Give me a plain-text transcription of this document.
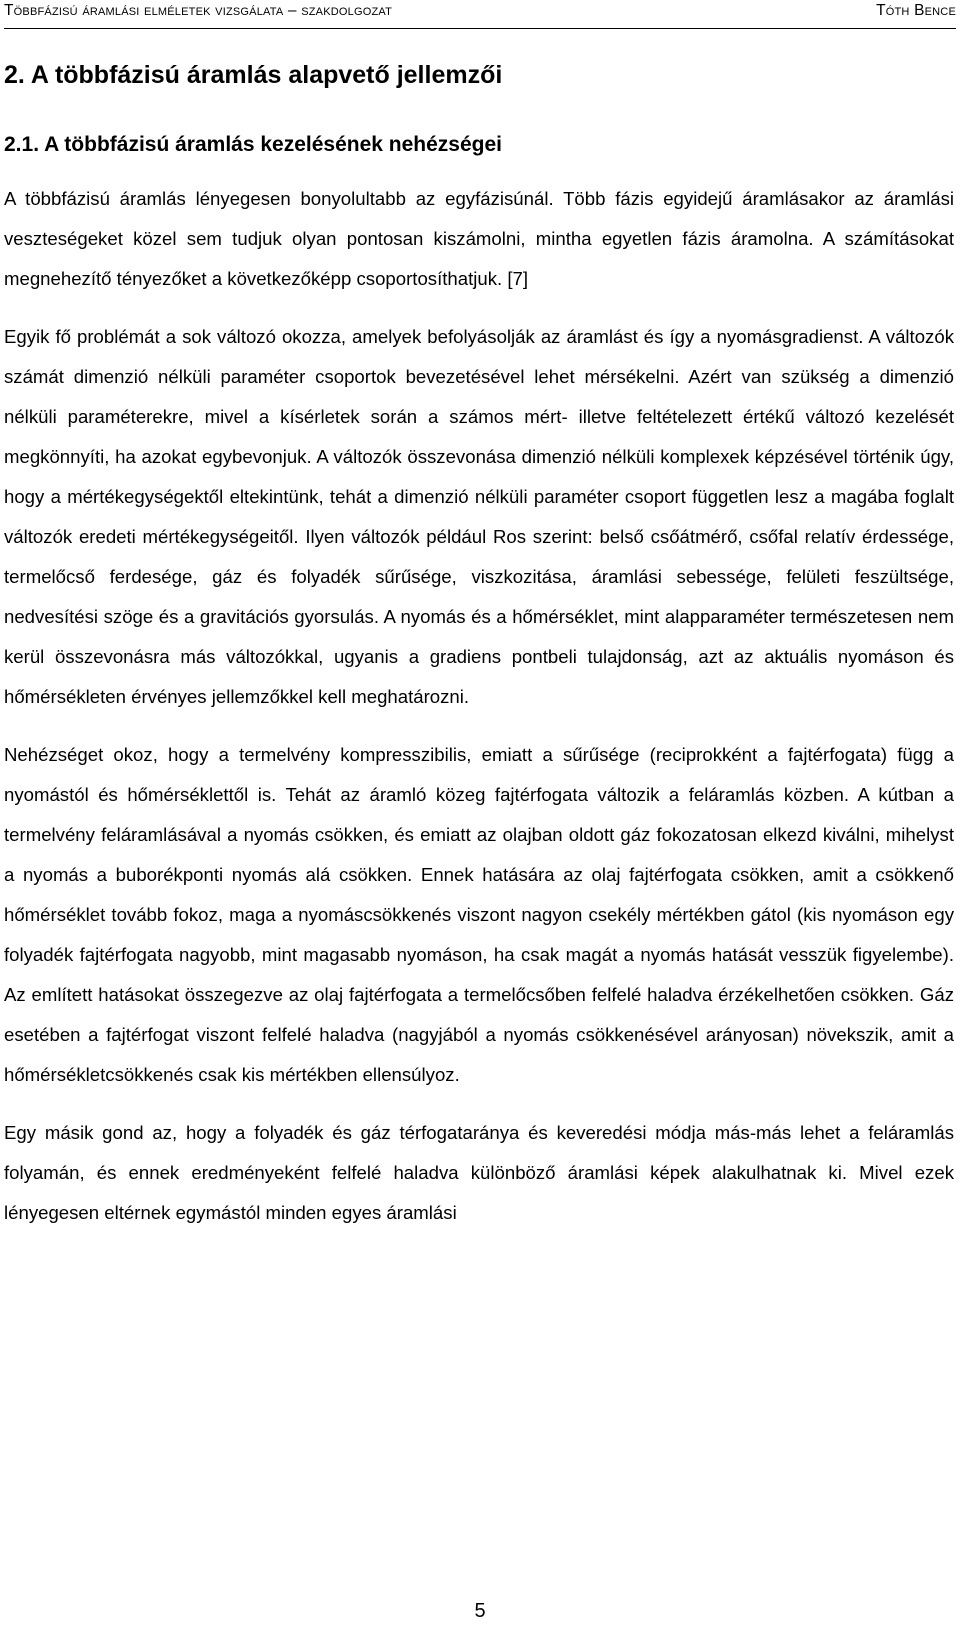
Többfázisú áramlási elméletek vizsgálata – szakdolgozat	Tóth Bence
2. A többfázisú áramlás alapvető jellemzői
2.1. A többfázisú áramlás kezelésének nehézségei

A többfázisú áramlás lényegesen bonyolultabb az egyfázisúnál. Több fázis egyidejű áramlásakor az áramlási veszteségeket közel sem tudjuk olyan pontosan kiszámolni, mintha egyetlen fázis áramolna. A számításokat megnehezítő tényezőket a következőképp csoportosíthatjuk. [7]

Egyik fő problémát a sok változó okozza, amelyek befolyásolják az áramlást és így a nyomásgradienst. A változók számát dimenzió nélküli paraméter csoportok bevezetésével lehet mérsékelni. Azért van szükség a dimenzió nélküli paraméterekre, mivel a kísérletek során a számos mért- illetve feltételezett értékű változó kezelését megkönnyíti, ha azokat egybevonjuk. A változók összevonása dimenzió nélküli komplexek képzésével történik úgy, hogy a mértékegységektől eltekintünk, tehát a dimenzió nélküli paraméter csoport független lesz a magába foglalt változók eredeti mértékegységeitől. Ilyen változók például Ros szerint: belső csőátmérő, csőfal relatív érdessége, termelőcső ferdesége, gáz és folyadék sűrűsége, viszkozitása, áramlási sebessége, felületi feszültsége, nedvesítési szöge és a gravitációs gyorsulás. A nyomás és a hőmérséklet, mint alapparaméter természetesen nem kerül összevonásra más változókkal, ugyanis a gradiens pontbeli tulajdonság, azt az aktuális nyomáson és hőmérsékleten érvényes jellemzőkkel kell meghatározni.

Nehézséget okoz, hogy a termelvény kompresszibilis, emiatt a sűrűsége (reciprokként a fajtérfogata) függ a nyomástól és hőmérséklettől is. Tehát az áramló közeg fajtérfogata változik a feláramlás közben. A kútban a termelvény feláramlásával a nyomás csökken, és emiatt az olajban oldott gáz fokozatosan elkezd kiválni, mihelyst a nyomás a buborékponti nyomás alá csökken. Ennek hatására az olaj fajtérfogata csökken, amit a csökkenő hőmérséklet tovább fokoz, maga a nyomáscsökkenés viszont nagyon csekély mértékben gátol (kis nyomáson egy folyadék fajtérfogata nagyobb, mint magasabb nyomáson, ha csak magát a nyomás hatását vesszük figyelembe). Az említett hatásokat összegezve az olaj fajtérfogata a termelőcsőben felfelé haladva érzékelhetően csökken. Gáz esetében a fajtérfogat viszont felfelé haladva (nagyjából a nyomás csökkenésével arányosan) növekszik, amit a hőmérsékletcsökkenés csak kis mértékben ellensúlyoz.

Egy másik gond az, hogy a folyadék és gáz térfogataránya és keveredési módja más-más lehet a feláramlás folyamán, és ennek eredményeként felfelé haladva különböző áramlási képek alakulhatnak ki. Mivel ezek lényegesen eltérnek egymástól minden egyes áramlási

5
